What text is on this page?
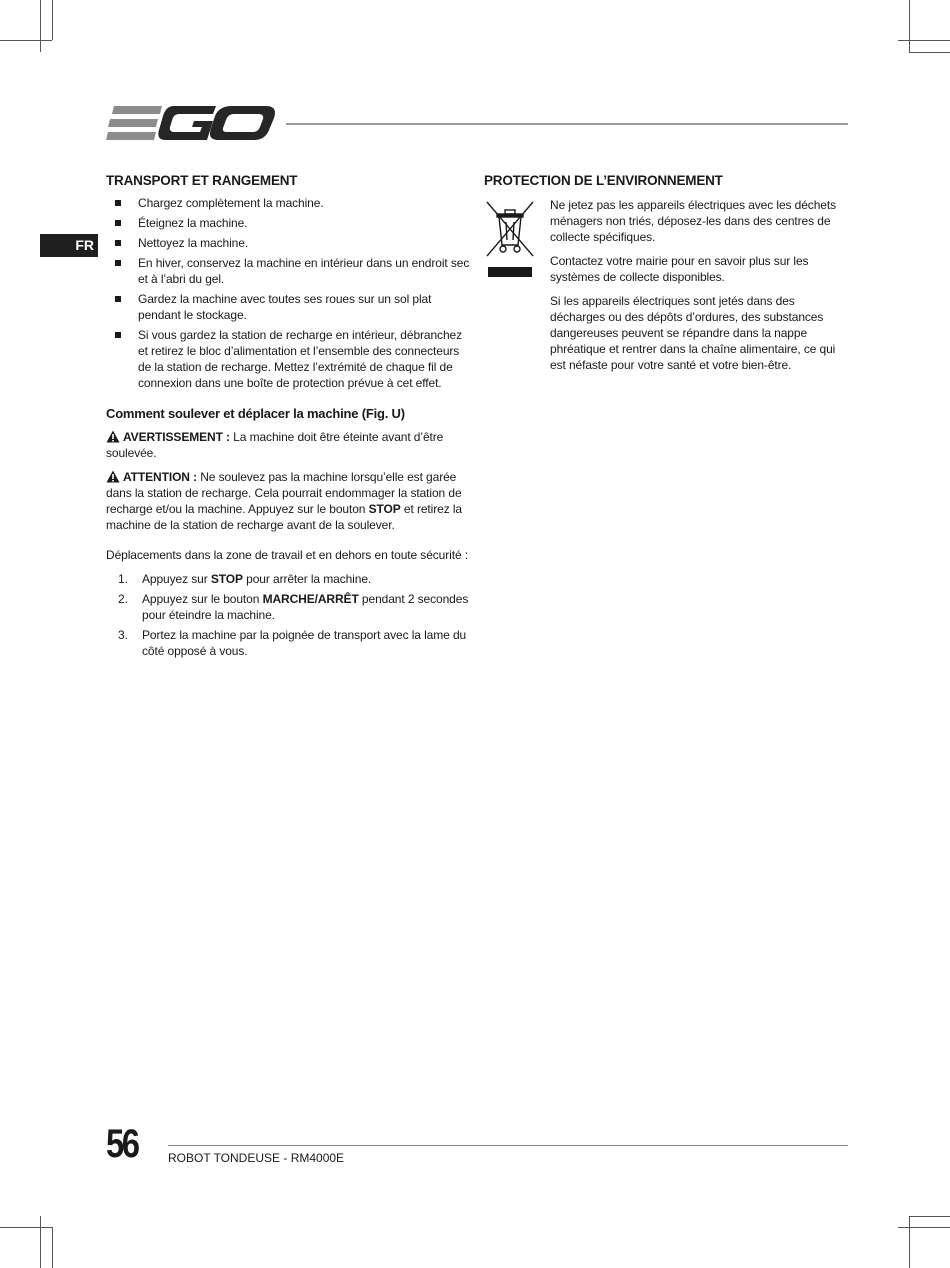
FR
TRANSPORT ET RANGEMENT
Chargez complètement la machine.
Éteignez la machine.
Nettoyez la machine.
En hiver, conservez la machine en intérieur dans un endroit sec et à l’abri du gel.
Gardez la machine avec toutes ses roues sur un sol plat pendant le stockage.
Si vous gardez la station de recharge en intérieur, débranchez et retirez le bloc d’alimentation et l’ensemble des connecteurs de la station de recharge. Mettez l’extrémité de chaque fil de connexion dans une boîte de protection prévue à cet effet.
Comment soulever et déplacer la machine (Fig. U)

AVERTISSEMENT : La machine doit être éteinte avant d’être soulevée.

ATTENTION : Ne soulevez pas la machine lorsqu’elle est garée dans la station de recharge. Cela pourrait endommager la station de recharge et/ou la machine. Appuyez sur le bouton STOP et retirez la machine de la station de recharge avant de la soulever.

Déplacements dans la zone de travail et en dehors en toute sécurité :

1. Appuyez sur STOP pour arrêter la machine.
2. Appuyez sur le bouton MARCHE/ARRÊT pendant 2 secondes pour éteindre la machine.
3. Portez la machine par la poignée de transport avec la lame du côté opposé à vous.
PROTECTION DE L’ENVIRONNEMENT

Ne jetez pas les appareils électriques avec les déchets ménagers non triés, déposez-les dans des centres de collecte spécifiques.

Contactez votre mairie pour en savoir plus sur les systèmes de collecte disponibles.

Si les appareils électriques sont jetés dans des décharges ou des dépôts d’ordures, des substances dangereuses peuvent se répandre dans la nappe phréatique et rentrer dans la chaîne alimentaire, ce qui est néfaste pour votre santé et votre bien-être.

56	ROBOT TONDEUSE - RM4000E
